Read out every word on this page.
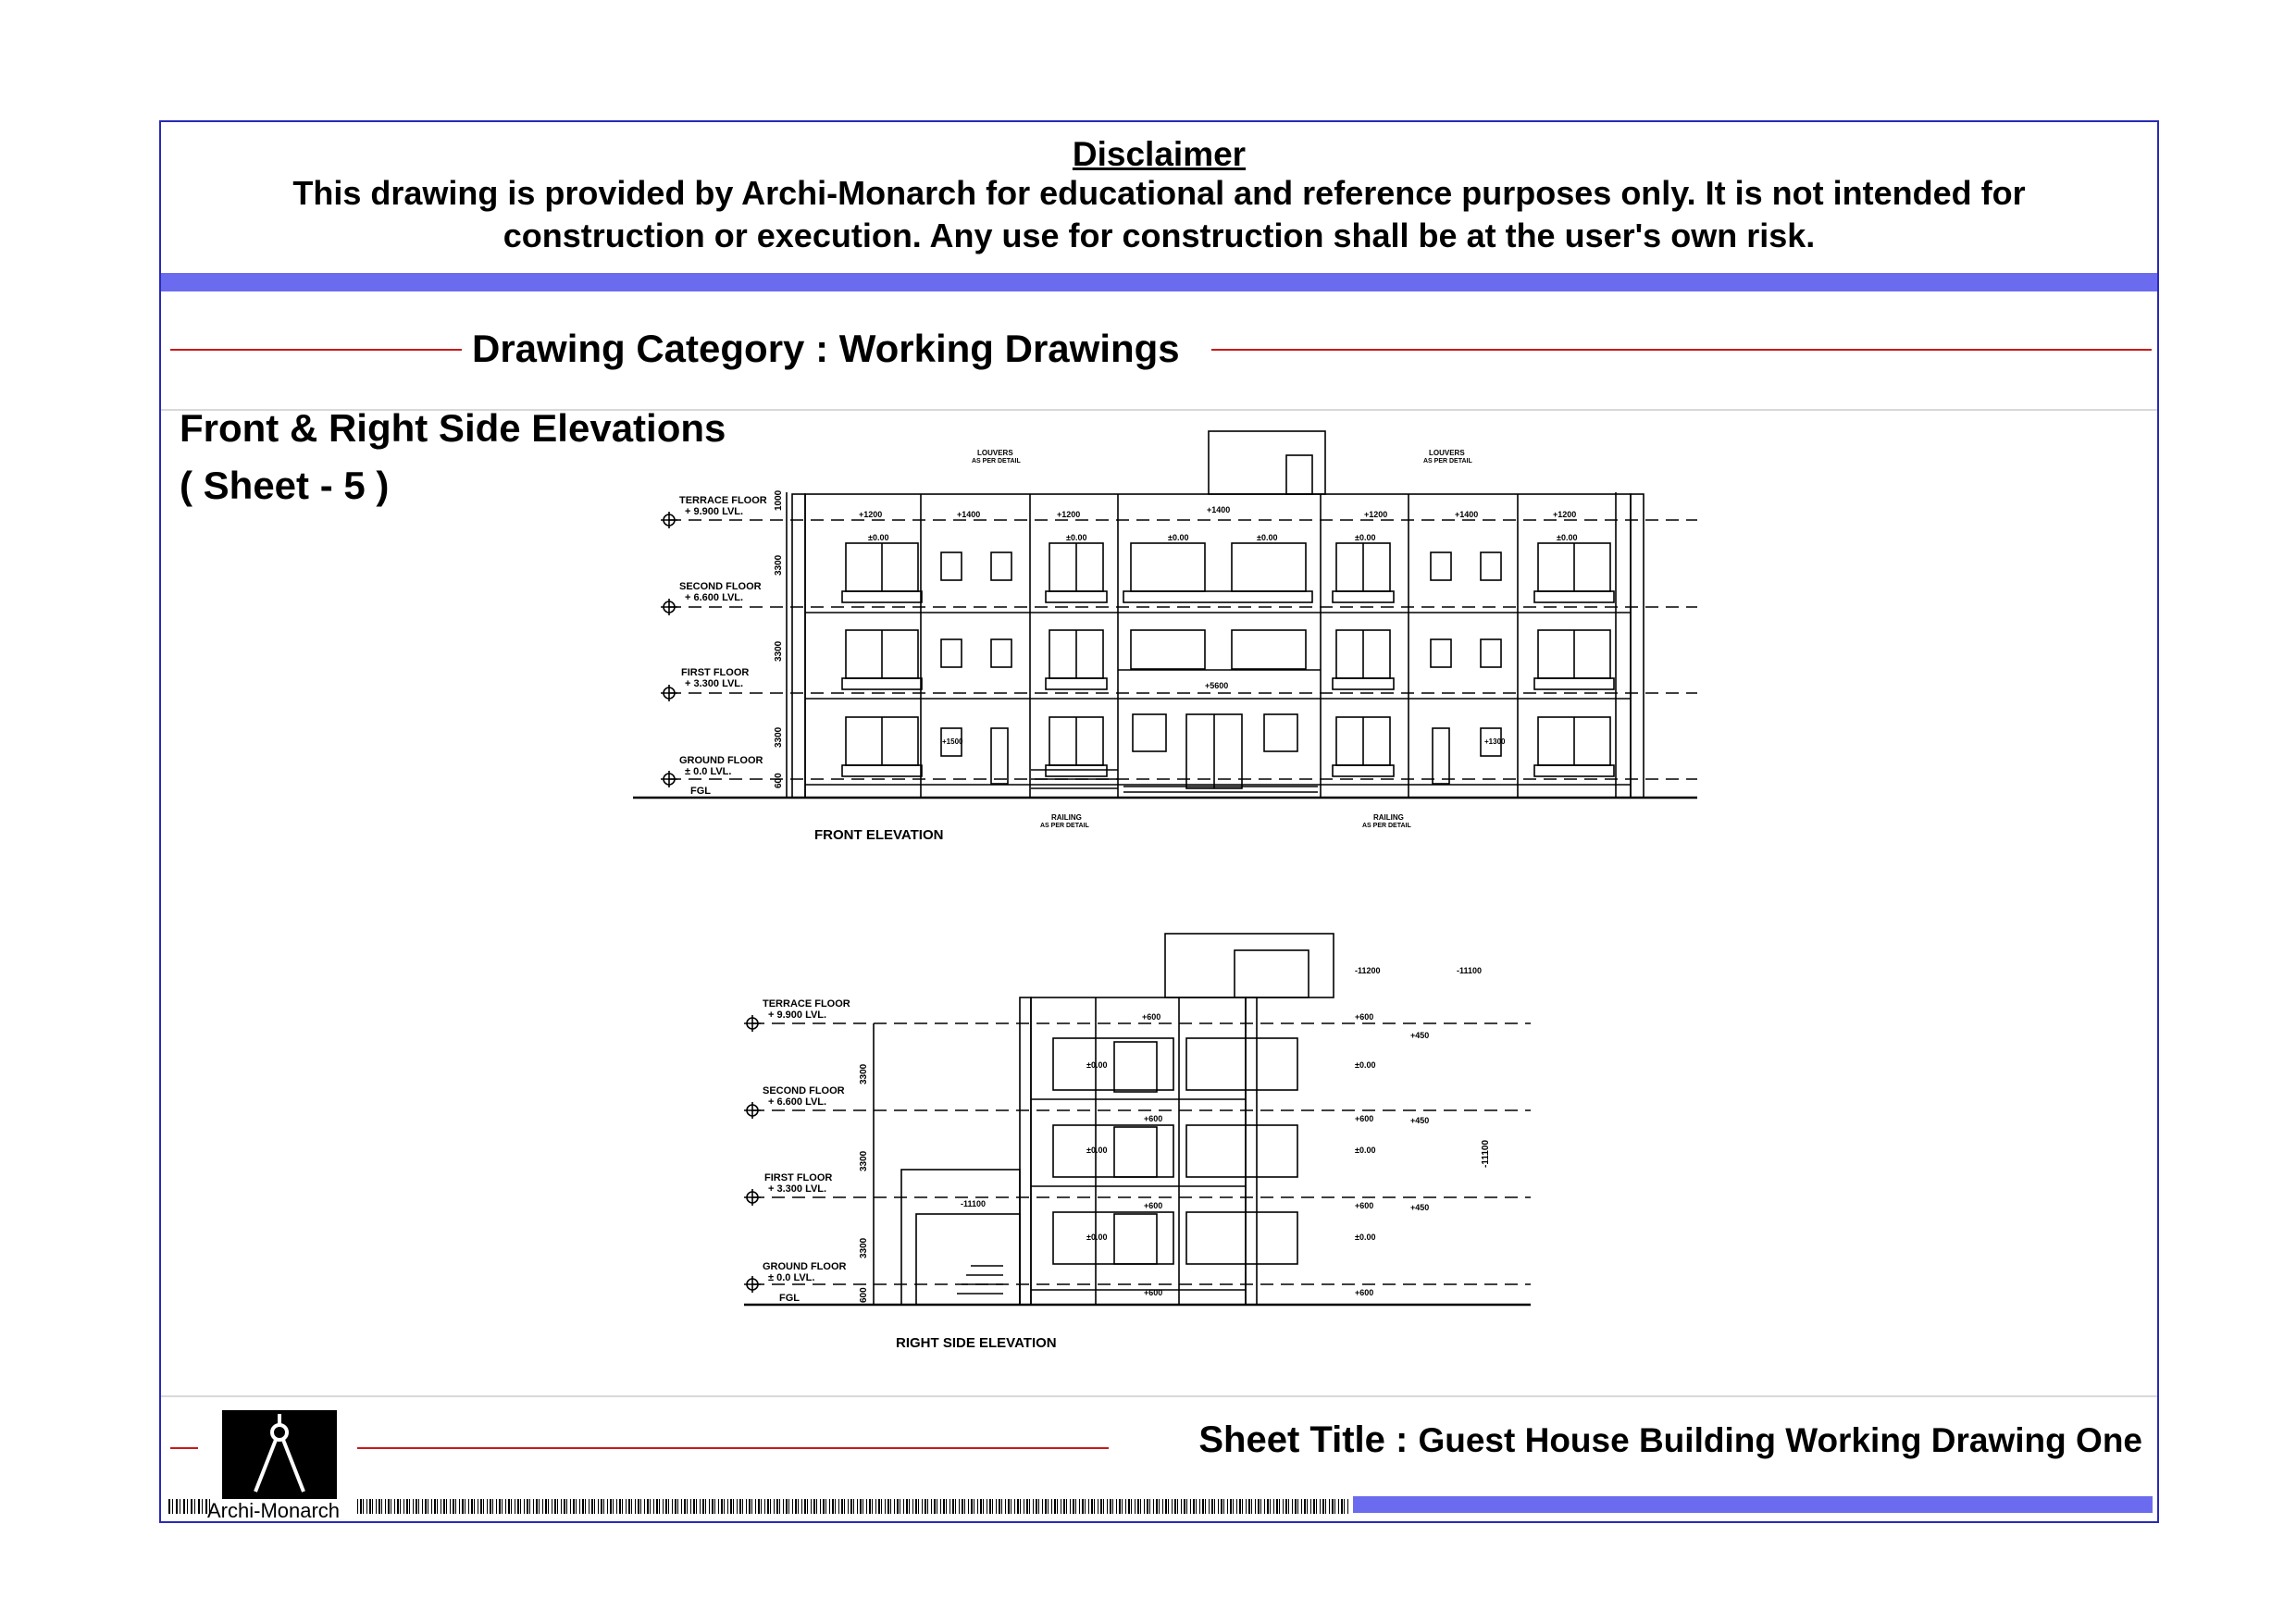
Disclaimer
This drawing is provided by Archi-Monarch for educational and reference purposes only. It is not intended for construction or execution. Any use for construction shall be at the user's own risk.
Drawing Category : Working Drawings
Front & Right Side Elevations
( Sheet - 5 )	TERRACE FLOOR
+ 9.900 LVL.
SECOND FLOOR
+ 6.600 LVL.
FIRST FLOOR
+ 3.300 LVL.
GROUND FLOOR
± 0.0 LVL.
FGL
FRONT ELEVATION
LOUVERS
AS PER DETAIL
LOUVERS
AS PER DETAIL
RAILING
AS PER DETAIL
RAILING
AS PER DETAIL
+1200	+1400	+1200	+1400	+1200	+1400	+1200
±0.00	±0.00	±0.00	±0.00	±0.00	±0.00
+5600
+1500	+1300
1000
3300
3300
3300
600
TERRACE FLOOR
+ 9.900 LVL.
SECOND FLOOR
+ 6.600 LVL.
FIRST FLOOR
+ 3.300 LVL.
GROUND FLOOR
± 0.0 LVL.
FGL
RIGHT SIDE ELEVATION
-11200	-11100
-11100
+600	+600
+600	+600
+600	+600
+600	+600
+450
+450
+450
±0.00	±0.00
±0.00	±0.00
±0.00	±0.00
-11100
3300
3300
3300
600
Sheet Title : Guest House Building Working Drawing One
Archi-Monarch
